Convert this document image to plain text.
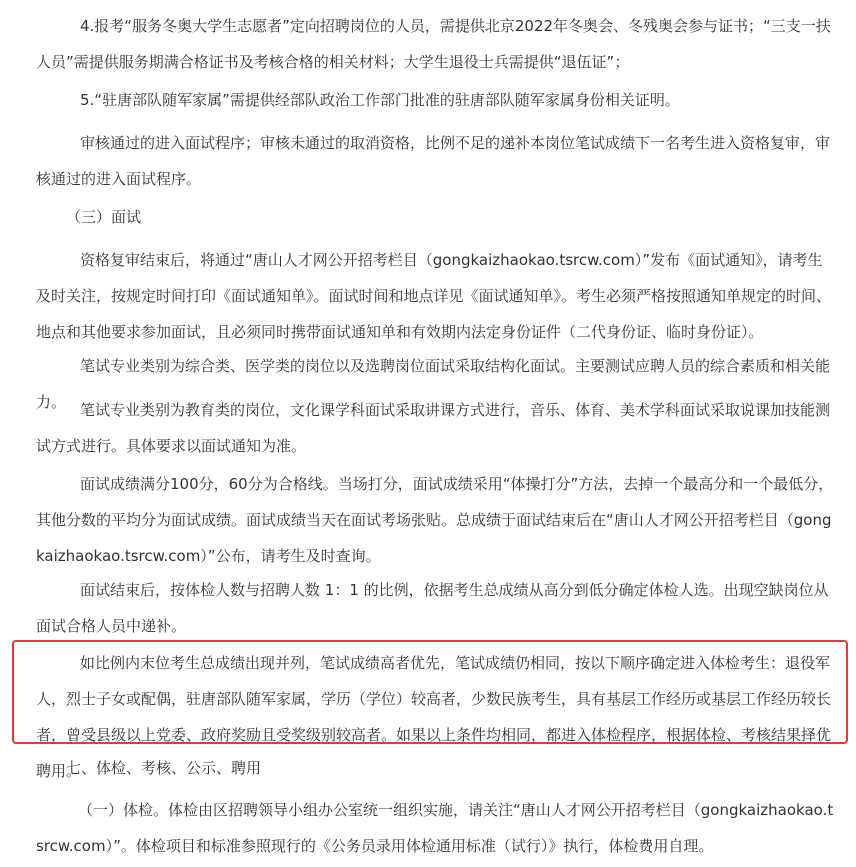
4.报考“服务冬奥大学生志愿者”定向招聘岗位的人员，需提供北京2022年冬奥会、冬残奥会参与证书；“三支一扶人员”需提供服务期满合格证书及考核合格的相关材料；大学生退役士兵需提供“退伍证”；

5.“驻唐部队随军家属”需提供经部队政治工作部门批准的驻唐部队随军家属身份相关证明。

审核通过的进入面试程序；审核未通过的取消资格，比例不足的递补本岗位笔试成绩下一名考生进入资格复审，审核通过的进入面试程序。

（三）面试

资格复审结束后，将通过“唐山人才网公开招考栏目（gongkaizhaokao.tsrcw.com）”发布《面试通知》，请考生及时关注，按规定时间打印《面试通知单》。面试时间和地点详见《面试通知单》。考生必须严格按照通知单规定的时间、地点和其他要求参加面试，且必须同时携带面试通知单和有效期内法定身份证件（二代身份证、临时身份证）。

笔试专业类别为综合类、医学类的岗位以及选聘岗位面试采取结构化面试。主要测试应聘人员的综合素质和相关能力。 笔试专业类别为教育类的岗位，文化课学科面试采取讲课方式进行，音乐、体育、美术学科面试采取说课加技能测试方式进行。具体要求以面试通知为准。

面试成绩满分100分，60分为合格线。当场打分，面试成绩采用“体操打分”方法，去掉一个最高分和一个最低分，其他分数的平均分为面试成绩。面试成绩当天在面试考场张贴。总成绩于面试结束后在“唐山人才网公开招考栏目（gongkaizhaokao.tsrcw.com）”公布，请考生及时查询。

面试结束后，按体检人数与招聘人数 1：1 的比例，依据考生总成绩从高分到低分确定体检人选。出现空缺岗位从面试合格人员中递补。

如比例内末位考生总成绩出现并列，笔试成绩高者优先，笔试成绩仍相同，按以下顺序确定进入体检考生：退役军人，烈士子女或配偶，驻唐部队随军家属，学历（学位）较高者，少数民族考生，具有基层工作经历或基层工作经历较长者，曾受县级以上党委、政府奖励且受奖级别较高者。如果以上条件均相同，都进入体检程序，根据体检、考核结果择优聘用。

七、体检、考核、公示、聘用

（一）体检。体检由区招聘领导小组办公室统一组织实施，请关注“唐山人才网公开招考栏目（gongkaizhaokao.tsrcw.com）”。体检项目和标准参照现行的《公务员录用体检通用标准（试行）》执行，体检费用自理。
